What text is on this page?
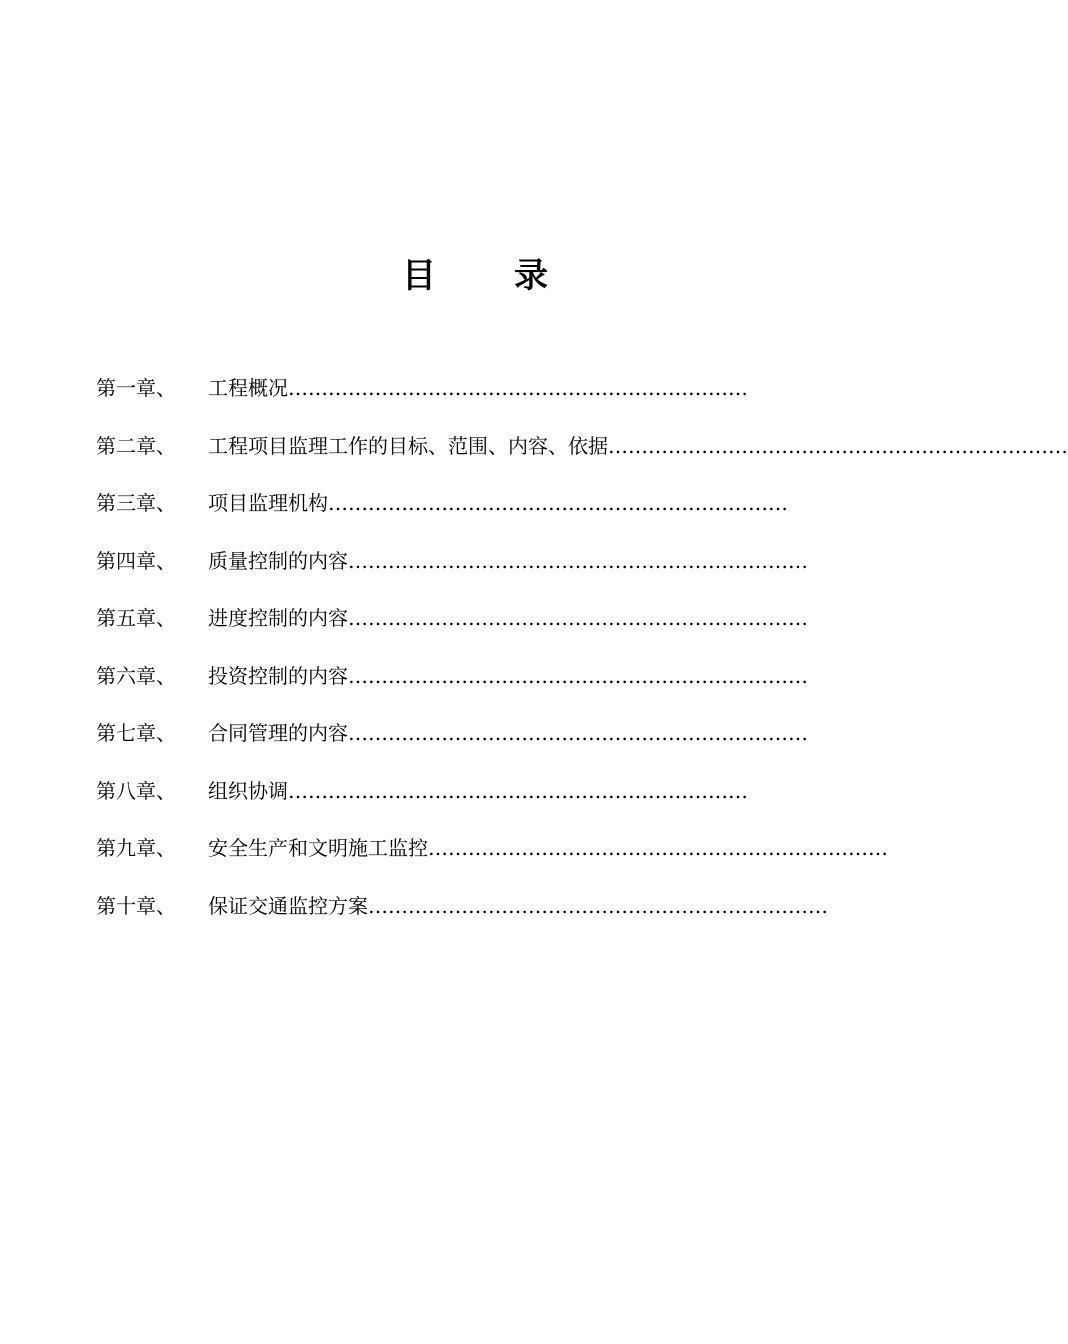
目 录
第一章、	工程概况 ……………………………………………………………
第二章、	工程项目监理工作的目标、范围、内容、依据 ……………………………………………………………
第三章、	项目监理机构 ……………………………………………………………
第四章、	质量控制的内容 ……………………………………………………………
第五章、	进度控制的内容 ……………………………………………………………
第六章、	投资控制的内容 ……………………………………………………………
第七章、	合同管理的内容 ……………………………………………………………
第八章、	组织协调 ……………………………………………………………
第九章、	安全生产和文明施工监控 ……………………………………………………………
第十章、	保证交通监控方案 ……………………………………………………………
